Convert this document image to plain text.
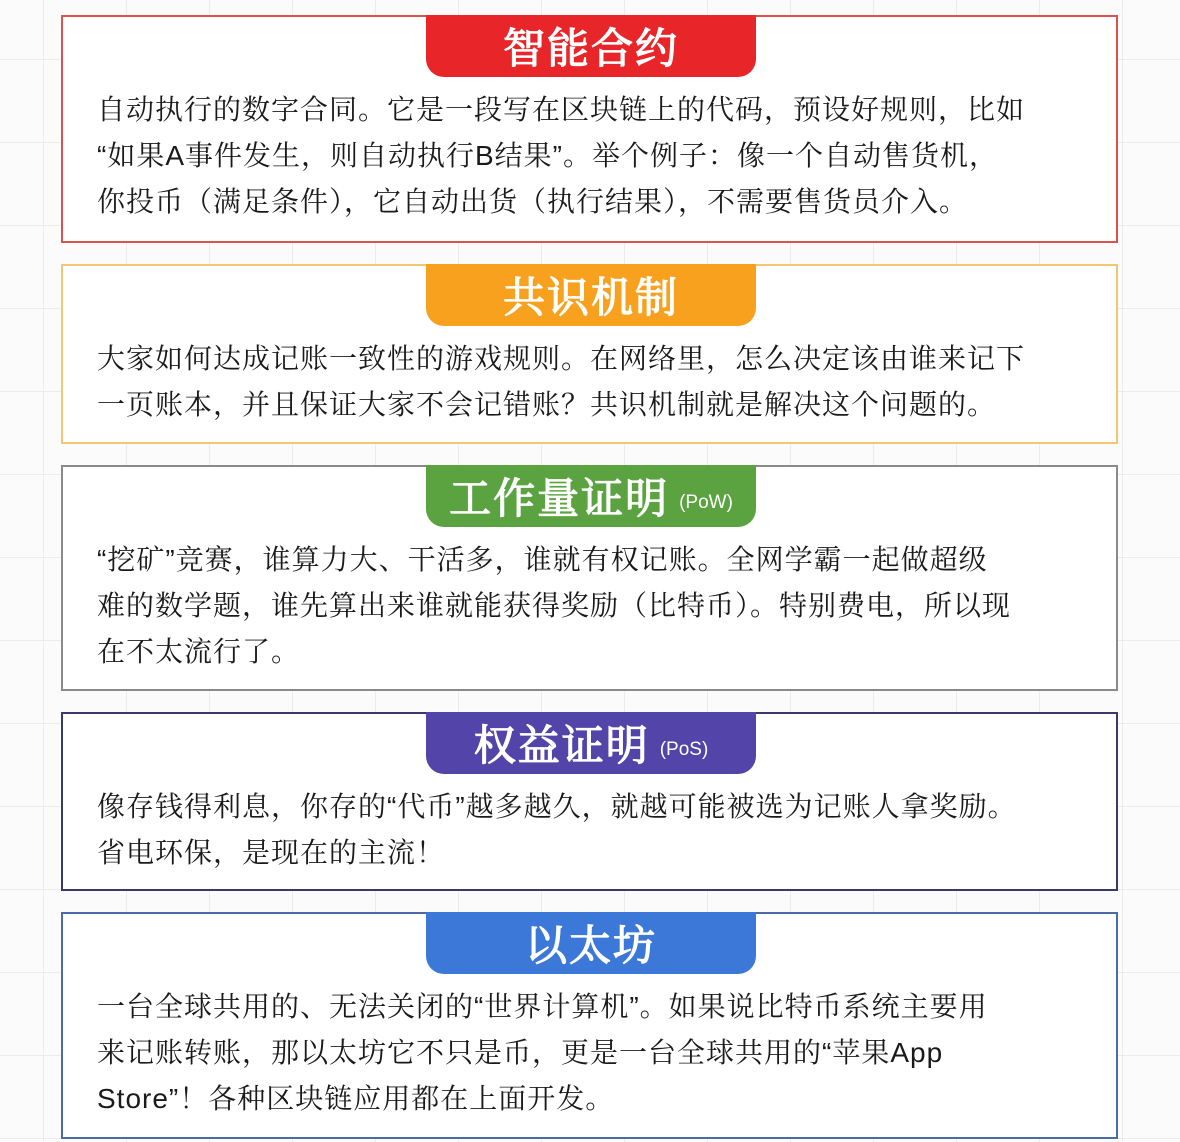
智能合约
自动执行的数字合同。它是一段写在区块链上的代码，预设好规则，比如
“如果A事件发生，则自动执行B结果”。举个例子：像一个自动售货机，
你投币（满足条件），它自动出货（执行结果），不需要售货员介入。
共识机制
大家如何达成记账一致性的游戏规则。在网络里，怎么决定该由谁来记下
一页账本，并且保证大家不会记错账？共识机制就是解决这个问题的。
工作量证明 (PoW)
“挖矿”竞赛，谁算力大、干活多，谁就有权记账。全网学霸一起做超级
难的数学题，谁先算出来谁就能获得奖励（比特币）。特别费电，所以现
在不太流行了。
权益证明 (PoS)
像存钱得利息，你存的“代币”越多越久，就越可能被选为记账人拿奖励。
省电环保，是现在的主流！
以太坊
一台全球共用的、无法关闭的“世界计算机”。如果说比特币系统主要用
来记账转账，那以太坊它不只是币，更是一台全球共用的“苹果App
Store”！各种区块链应用都在上面开发。
